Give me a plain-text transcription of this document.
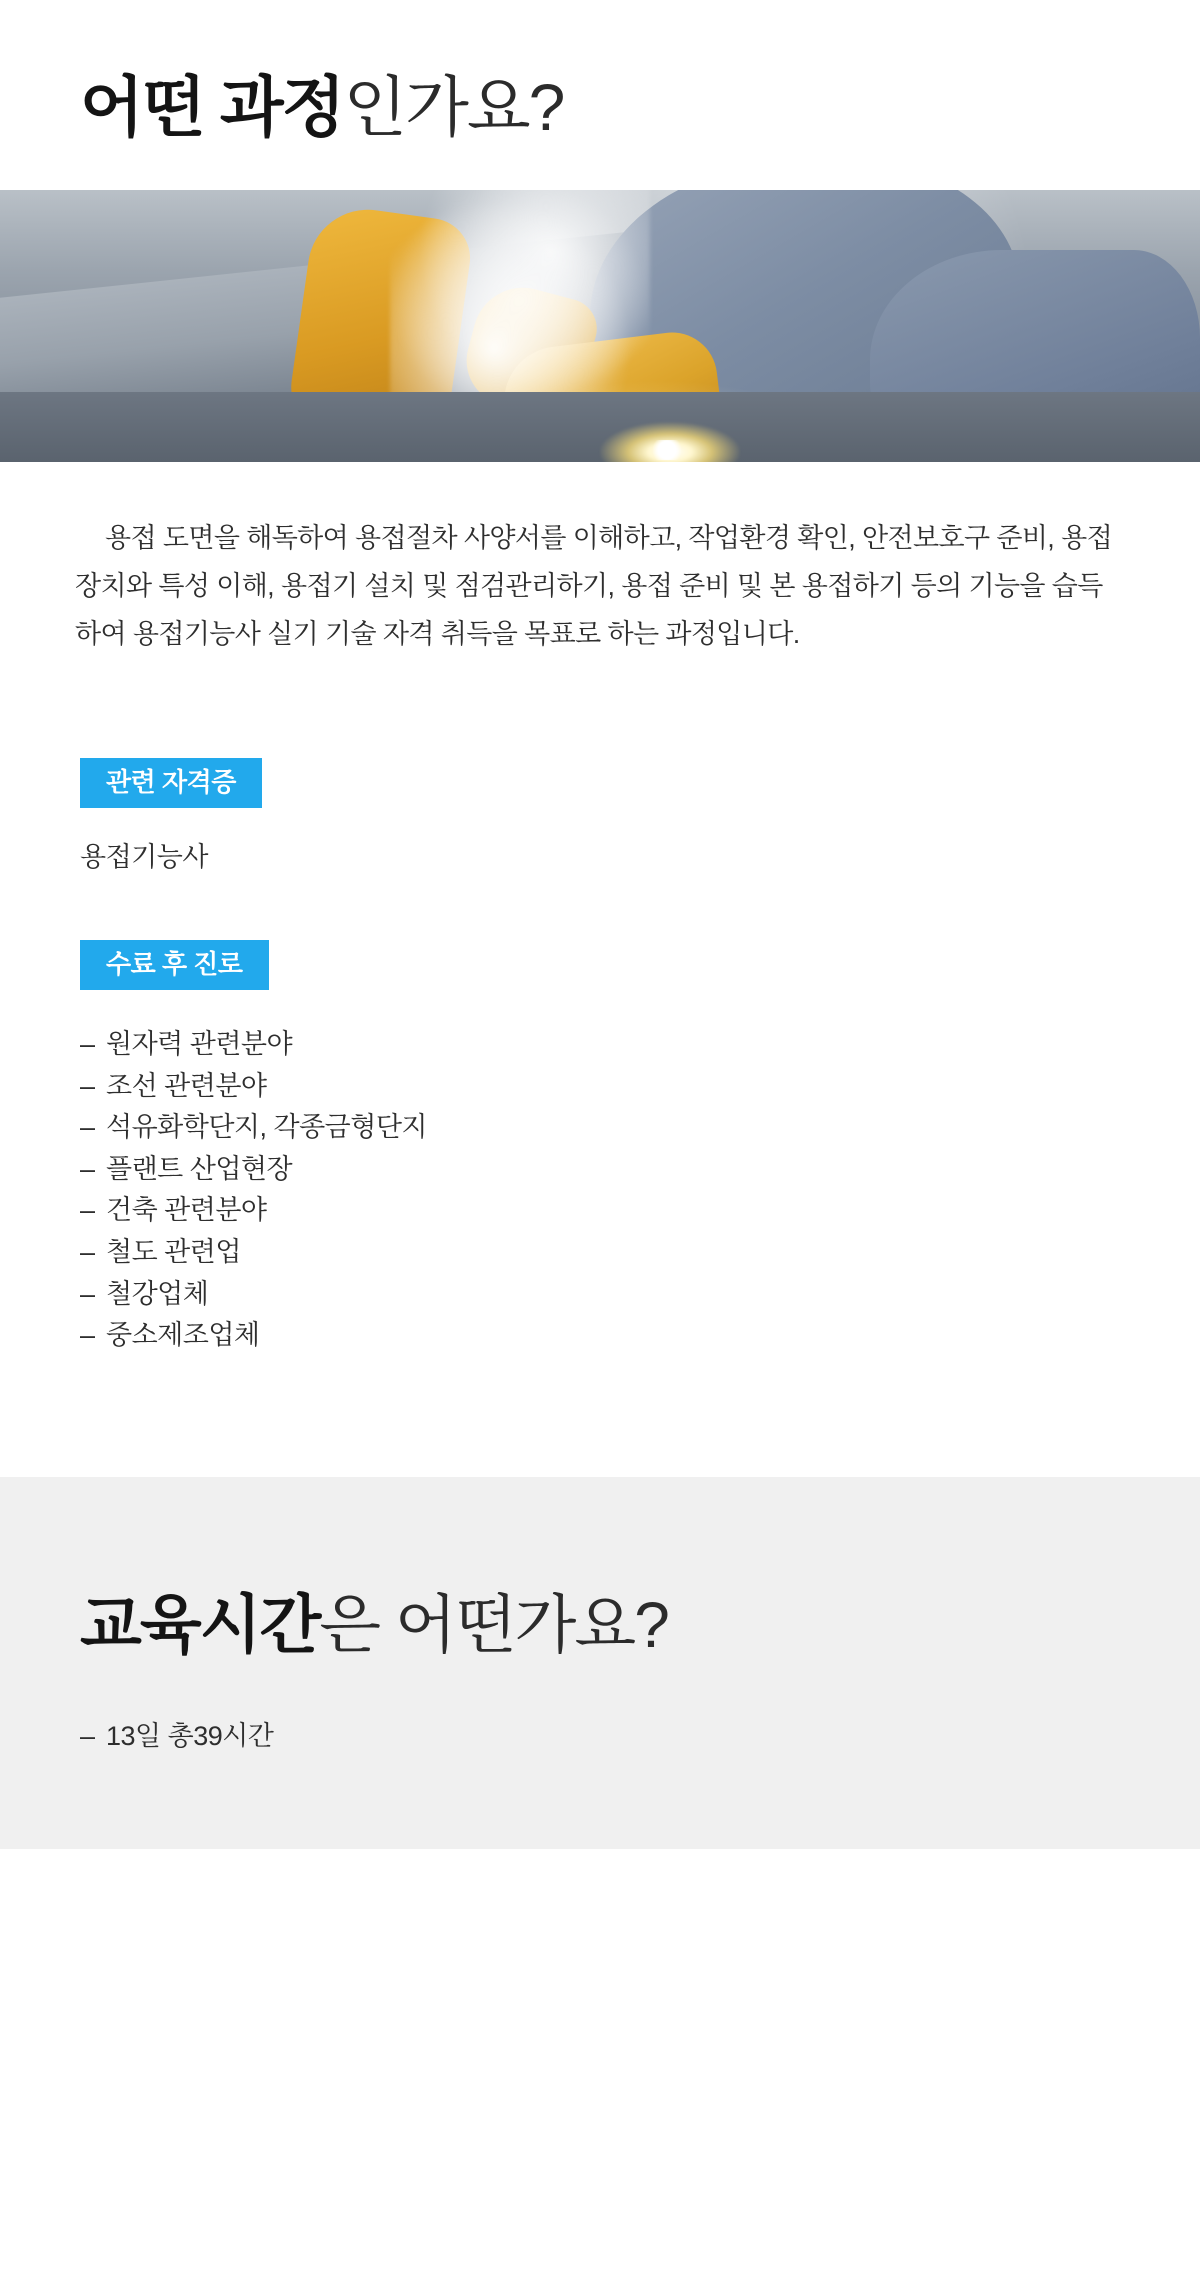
어떤 과정인가요?

용접 도면을 해독하여 용접절차 사양서를 이해하고, 작업환경 확인, 안전보호구 준비, 용접장치와 특성 이해, 용접기 설치 및 점검관리하기, 용접 준비 및 본 용접하기 등의 기능을 습득하여 용접기능사 실기 기술 자격 취득을 목표로 하는 과정입니다.

관련 자격증
용접기능사
수료 후 진로
– 원자력 관련분야
– 조선 관련분야
– 석유화학단지, 각종금형단지
– 플랜트 산업현장
– 건축 관련분야
– 철도 관련업
– 철강업체
– 중소제조업체
교육시간은 어떤가요?
– 13일 총39시간
